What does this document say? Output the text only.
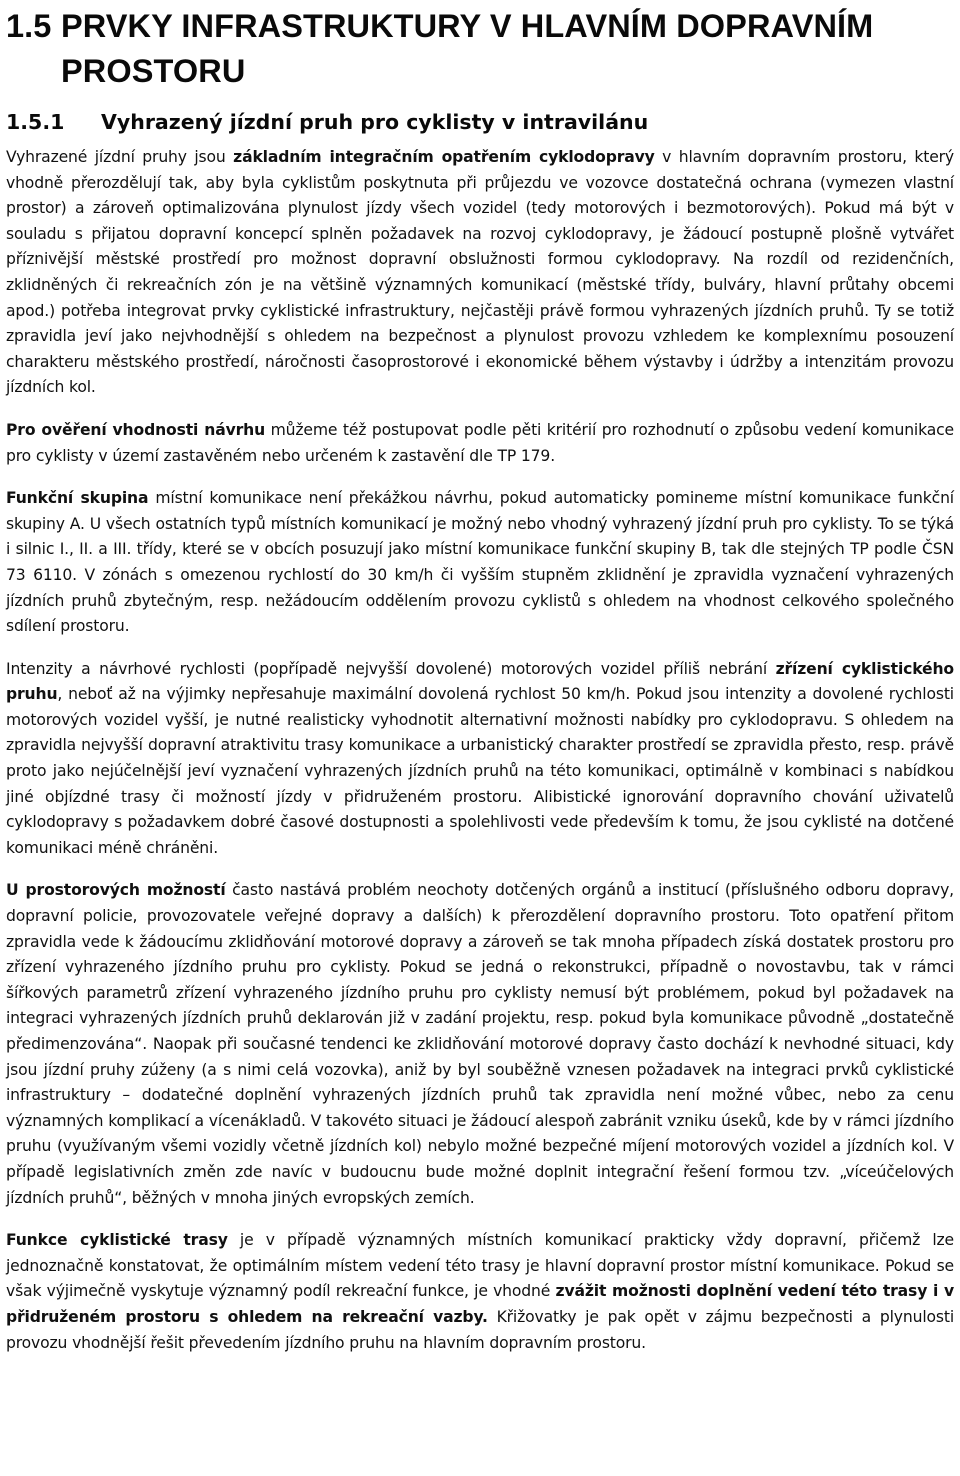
1.5 PRVKY INFRASTRUKTURY V HLAVNÍM DOPRAVNÍM
PROSTORU
1.5.1 Vyhrazený jízdní pruh pro cyklisty v intravilánu

Vyhrazené jízdní pruhy jsou základním integračním opatřením cyklodopravy v hlavním dopravním prostoru, který vhodně přerozdělují tak, aby byla cyklistům poskytnuta při průjezdu ve vozovce dostatečná ochrana (vymezen vlastní prostor) a zároveň optimalizována plynulost jízdy všech vozidel (tedy motorových i bezmotorových). Pokud má být v souladu s přijatou dopravní koncepcí splněn požadavek na rozvoj cyklodopravy, je žádoucí postupně plošně vytvářet příznivější městské prostředí pro možnost dopravní obslužnosti formou cyklodopravy. Na rozdíl od rezidenčních, zklidněných či rekreačních zón je na většině významných komunikací (městské třídy, bulváry, hlavní průtahy obcemi apod.) potřeba integrovat prvky cyklistické infrastruktury, nejčastěji právě formou vyhrazených jízdních pruhů. Ty se totiž zpravidla jeví jako nejvhodnější s ohledem na bezpečnost a plynulost provozu vzhledem ke komplexnímu posouzení charakteru městského prostředí, náročnosti časoprostorové i ekonomické během výstavby i údržby a intenzitám provozu jízdních kol.

Pro ověření vhodnosti návrhu můžeme též postupovat podle pěti kritérií pro rozhodnutí o způsobu vedení komunikace pro cyklisty v území zastavěném nebo určeném k zastavění dle TP 179.

Funkční skupina místní komunikace není překážkou návrhu, pokud automaticky pomineme místní komunikace funkční skupiny A. U všech ostatních typů místních komunikací je možný nebo vhodný vyhrazený jízdní pruh pro cyklisty. To se týká i silnic I., II. a III. třídy, které se v obcích posuzují jako místní komunikace funkční skupiny B, tak dle stejných TP podle ČSN 73 6110. V zónách s omezenou rychlostí do 30 km/h či vyšším stupněm zklidnění je zpravidla vyznačení vyhrazených jízdních pruhů zbytečným, resp. nežádoucím oddělením provozu cyklistů s ohledem na vhodnost celkového společného sdílení prostoru.

Intenzity a návrhové rychlosti (popřípadě nejvyšší dovolené) motorových vozidel příliš nebrání zřízení cyklistického pruhu, neboť až na výjimky nepřesahuje maximální dovolená rychlost 50 km/h. Pokud jsou intenzity a dovolené rychlosti motorových vozidel vyšší, je nutné realisticky vyhodnotit alternativní možnosti nabídky pro cyklodopravu. S ohledem na zpravidla nejvyšší dopravní atraktivitu trasy komunikace a urbanistický charakter prostředí se zpravidla přesto, resp. právě proto jako nejúčelnější jeví vyznačení vyhrazených jízdních pruhů na této komunikaci, optimálně v kombinaci s nabídkou jiné objízdné trasy či možností jízdy v přidruženém prostoru. Alibistické ignorování dopravního chování uživatelů cyklodopravy s požadavkem dobré časové dostupnosti a spolehlivosti vede především k tomu, že jsou cyklisté na dotčené komunikaci méně chráněni.

U prostorových možností často nastává problém neochoty dotčených orgánů a institucí (příslušného odboru dopravy, dopravní policie, provozovatele veřejné dopravy a dalších) k přerozdělení dopravního prostoru. Toto opatření přitom zpravidla vede k žádoucímu zklidňování motorové dopravy a zároveň se tak mnoha případech získá dostatek prostoru pro zřízení vyhrazeného jízdního pruhu pro cyklisty. Pokud se jedná o rekonstrukci, případně o novostavbu, tak v rámci šířkových parametrů zřízení vyhrazeného jízdního pruhu pro cyklisty nemusí být problémem, pokud byl požadavek na integraci vyhrazených jízdních pruhů deklarován již v zadání projektu, resp. pokud byla komunikace původně „dostatečně předimenzována“. Naopak při současné tendenci ke zklidňování motorové dopravy často dochází k nevhodné situaci, kdy jsou jízdní pruhy zúženy (a s nimi celá vozovka), aniž by byl souběžně vznesen požadavek na integraci prvků cyklistické infrastruktury – dodatečné doplnění vyhrazených jízdních pruhů tak zpravidla není možné vůbec, nebo za cenu významných komplikací a vícenákladů. V takovéto situaci je žádoucí alespoň zabránit vzniku úseků, kde by v rámci jízdního pruhu (využívaným všemi vozidly včetně jízdních kol) nebylo možné bezpečné míjení motorových vozidel a jízdních kol. V případě legislativních změn zde navíc v budoucnu bude možné doplnit integrační řešení formou tzv. „víceúčelových jízdních pruhů“, běžných v mnoha jiných evropských zemích.

Funkce cyklistické trasy je v případě významných místních komunikací prakticky vždy dopravní, přičemž lze jednoznačně konstatovat, že optimálním místem vedení této trasy je hlavní dopravní prostor místní komunikace. Pokud se však výjimečně vyskytuje významný podíl rekreační funkce, je vhodné zvážit možnosti doplnění vedení této trasy i v přidruženém prostoru s ohledem na rekreační vazby. Křižovatky je pak opět v zájmu bezpečnosti a plynulosti provozu vhodnější řešit převedením jízdního pruhu na hlavním dopravním prostoru.
